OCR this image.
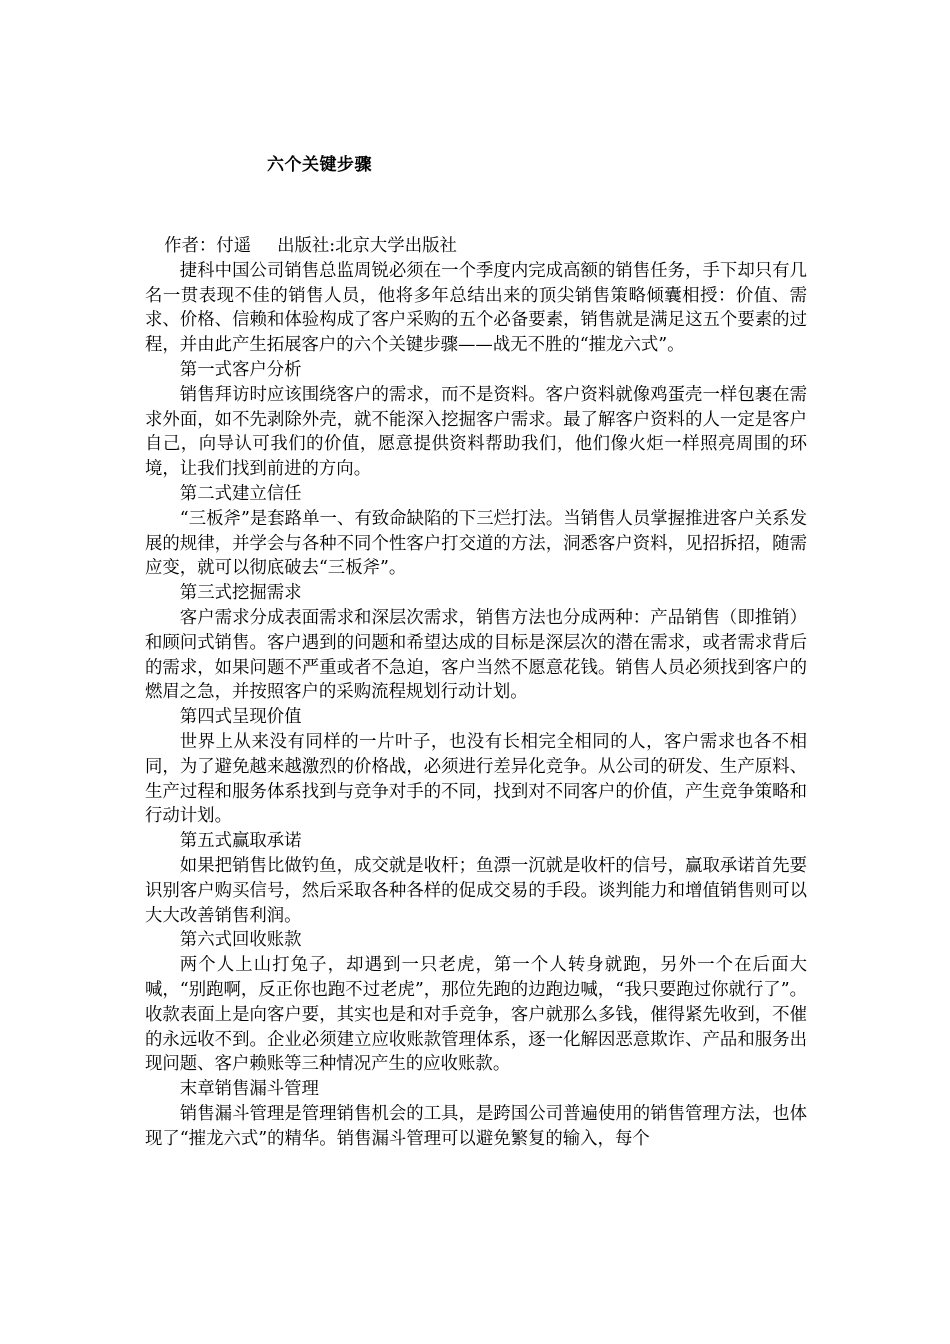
六个关键步骤

作者：付遥 出版社:北京大学出版社

捷科中国公司销售总监周锐必须在一个季度内完成高额的销售任务，手下却只有几名一贯表现不佳的销售人员，他将多年总结出来的顶尖销售策略倾囊相授：价值、需求、价格、信赖和体验构成了客户采购的五个必备要素，销售就是满足这五个要素的过程，并由此产生拓展客户的六个关键步骤——战无不胜的“摧龙六式”。

第一式客户分析

销售拜访时应该围绕客户的需求，而不是资料。客户资料就像鸡蛋壳一样包裹在需求外面，如不先剥除外壳，就不能深入挖掘客户需求。最了解客户资料的人一定是客户自己，向导认可我们的价值，愿意提供资料帮助我们，他们像火炬一样照亮周围的环境，让我们找到前进的方向。

第二式建立信任

“三板斧”是套路单一、有致命缺陷的下三烂打法。当销售人员掌握推进客户关系发展的规律，并学会与各种不同个性客户打交道的方法，洞悉客户资料，见招拆招，随需应变，就可以彻底破去“三板斧”。

第三式挖掘需求

客户需求分成表面需求和深层次需求，销售方法也分成两种：产品销售（即推销）和顾问式销售。客户遇到的问题和希望达成的目标是深层次的潜在需求，或者需求背后的需求，如果问题不严重或者不急迫，客户当然不愿意花钱。销售人员必须找到客户的燃眉之急，并按照客户的采购流程规划行动计划。

第四式呈现价值

世界上从来没有同样的一片叶子，也没有长相完全相同的人，客户需求也各不相同，为了避免越来越激烈的价格战，必须进行差异化竞争。从公司的研发、生产原料、生产过程和服务体系找到与竞争对手的不同，找到对不同客户的价值，产生竞争策略和行动计划。

第五式赢取承诺

如果把销售比做钓鱼，成交就是收杆；鱼漂一沉就是收杆的信号，赢取承诺首先要识别客户购买信号，然后采取各种各样的促成交易的手段。谈判能力和增值销售则可以大大改善销售利润。

第六式回收账款

两个人上山打兔子，却遇到一只老虎，第一个人转身就跑，另外一个在后面大喊，“别跑啊，反正你也跑不过老虎”，那位先跑的边跑边喊，“我只要跑过你就行了”。收款表面上是向客户要，其实也是和对手竞争，客户就那么多钱，催得紧先收到，不催的永远收不到。企业必须建立应收账款管理体系，逐一化解因恶意欺诈、产品和服务出现问题、客户赖账等三种情况产生的应收账款。

末章销售漏斗管理

销售漏斗管理是管理销售机会的工具，是跨国公司普遍使用的销售管理方法，也体现了“摧龙六式”的精华。销售漏斗管理可以避免繁复的输入，每个
